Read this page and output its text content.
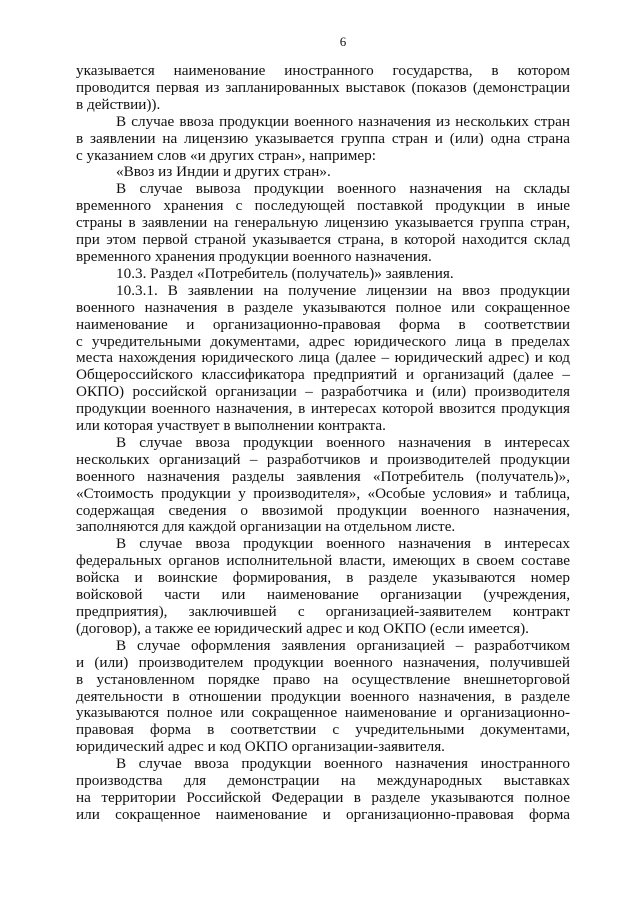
6

указывается наименование иностранного государства, в котором
проводится первая из запланированных выставок (показов (демонстрации
в действии)).

В случае ввоза продукции военного назначения из нескольких стран
в заявлении на лицензию указывается группа стран и (или) одна страна
с указанием слов «и других стран», например:

«Ввоз из Индии и других стран».

В случае вывоза продукции военного назначения на склады
временного хранения с последующей поставкой продукции в иные
страны в заявлении на генеральную лицензию указывается группа стран,
при этом первой страной указывается страна, в которой находится склад
временного хранения продукции военного назначения.

10.3. Раздел «Потребитель (получатель)» заявления.

10.3.1. В заявлении на получение лицензии на ввоз продукции
военного назначения в разделе указываются полное или сокращенное
наименование и организационно-правовая форма в соответствии
с учредительными документами, адрес юридического лица в пределах
места нахождения юридического лица (далее – юридический адрес) и код
Общероссийского классификатора предприятий и организаций (далее –
ОКПО) российской организации – разработчика и (или) производителя
продукции военного назначения, в интересах которой ввозится продукция
или которая участвует в выполнении контракта.

В случае ввоза продукции военного назначения в интересах
нескольких организаций – разработчиков и производителей продукции
военного назначения разделы заявления «Потребитель (получатель)»,
«Стоимость продукции у производителя», «Особые условия» и таблица,
содержащая сведения о ввозимой продукции военного назначения,
заполняются для каждой организации на отдельном листе.

В случае ввоза продукции военного назначения в интересах
федеральных органов исполнительной власти, имеющих в своем составе
войска и воинские формирования, в разделе указываются номер
войсковой части или наименование организации (учреждения,
предприятия), заключившей с организацией-заявителем контракт
(договор), а также ее юридический адрес и код ОКПО (если имеется).

В случае оформления заявления организацией – разработчиком
и (или) производителем продукции военного назначения, получившей
в установленном порядке право на осуществление внешнеторговой
деятельности в отношении продукции военного назначения, в разделе
указываются полное или сокращенное наименование и организационно-
правовая форма в соответствии с учредительными документами,
юридический адрес и код ОКПО организации-заявителя.

В случае ввоза продукции военного назначения иностранного
производства для демонстрации на международных выставках
на территории Российской Федерации в разделе указываются полное
или сокращенное наименование и организационно-правовая форма
